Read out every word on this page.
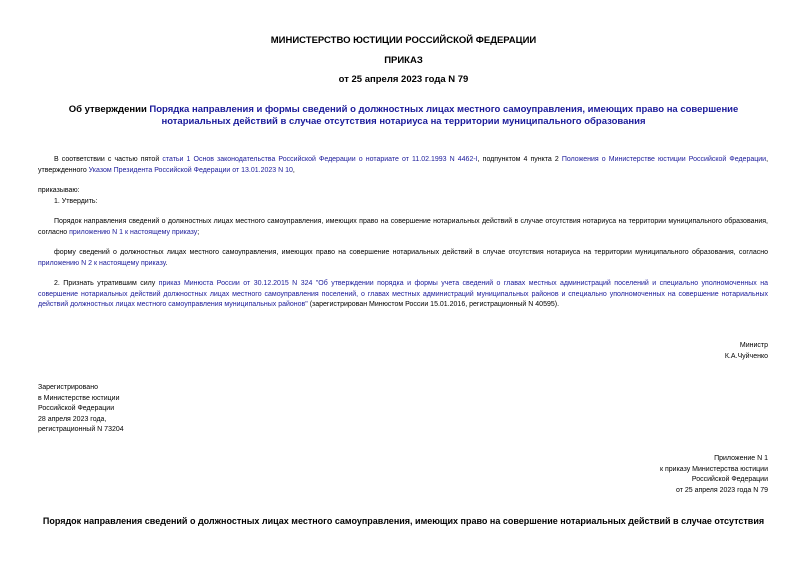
МИНИСТЕРСТВО ЮСТИЦИИ РОССИЙСКОЙ ФЕДЕРАЦИИ
ПРИКАЗ
от 25 апреля 2023 года N 79
Об утверждении Порядка направления и формы сведений о должностных лицах местного самоуправления, имеющих право на совершение нотариальных действий в случае отсутствия нотариуса на территории муниципального образования
В соответствии с частью пятой статьи 1 Основ законодательства Российской Федерации о нотариате от 11.02.1993 N 4462-I, подпунктом 4 пункта 2 Положения о Министерстве юстиции Российской Федерации, утвержденного Указом Президента Российской Федерации от 13.01.2023 N 10,
приказываю:
1. Утвердить:
Порядок направления сведений о должностных лицах местного самоуправления, имеющих право на совершение нотариальных действий в случае отсутствия нотариуса на территории муниципального образования, согласно приложению N 1 к настоящему приказу;
форму сведений о должностных лицах местного самоуправления, имеющих право на совершение нотариальных действий в случае отсутствия нотариуса на территории муниципального образования, согласно приложению N 2 к настоящему приказу.
2. Признать утратившим силу приказ Минюста России от 30.12.2015 N 324 "Об утверждении порядка и формы учета сведений о главах местных администраций поселений и специально уполномоченных на совершение нотариальных действий должностных лицах местного самоуправления поселений, о главах местных администраций муниципальных районов и специально уполномоченных на совершение нотариальных действий должностных лицах местного самоуправления муниципальных районов" (зарегистрирован Минюстом России 15.01.2016, регистрационный N 40595).
Министр
К.А.Чуйченко
Зарегистрировано
в Министерстве юстиции
Российской Федерации
28 апреля 2023 года,
регистрационный N 73204
Приложение N 1
к приказу Министерства юстиции
Российской Федерации
от 25 апреля 2023 года N 79
Порядок направления сведений о должностных лицах местного самоуправления, имеющих право на совершение нотариальных действий в случае отсутствия
